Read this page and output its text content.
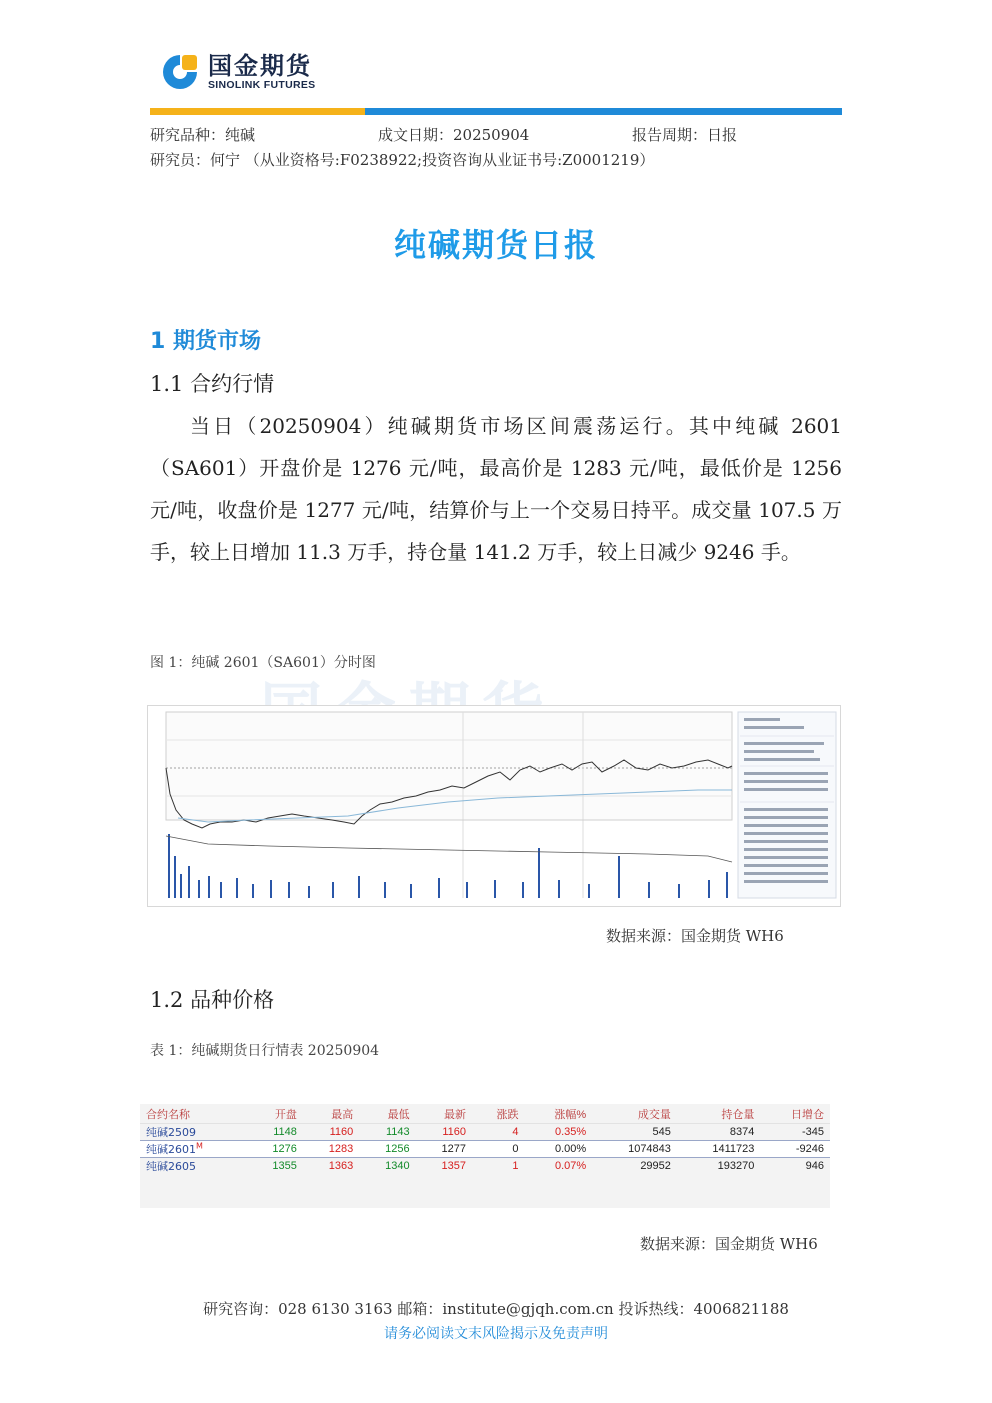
国金期货
SINOLINK FUTURES
研究品种：纯碱	成文日期：20250904	报告周期：日报
研究员：何宁 （从业资格号:F0238922;投资咨询从业证书号:Z0001219）
纯碱期货日报
1 期货市场
1.1 合约行情

当日（20250904）纯碱期货市场区间震荡运行。其中纯碱 2601（SA601）开盘价是 1276 元/吨，最高价是 1283 元/吨，最低价是 1256 元/吨，收盘价是 1277 元/吨，结算价与上一个交易日持平。成交量 107.5 万手，较上日增加 11.3 万手，持仓量 141.2 万手，较上日减少 9246 手。

图 1：纯碱 2601（SA601）分时图
数据来源：国金期货 WH6
1.2 品种价格
表 1：纯碱期货日行情表 20250904
合约名称	开盘	最高	最低	最新	涨跌	涨幅%	成交量	持仓量	日增仓
纯碱2509	1148	1160	1143	1160	4	0.35%	545	8374	-345
纯碱$2601^M$	1276	1283	1256	1277	0	0.00%	1074843	1411723	-9246
纯碱2605	1355	1363	1340	1357	1	0.07%	29952	193270	946
数据来源：国金期货 WH6
研究咨询：028 6130 3163 邮箱：institute@gjqh.com.cn 投诉热线：4006821188
请务必阅读文末风险揭示及免责声明
